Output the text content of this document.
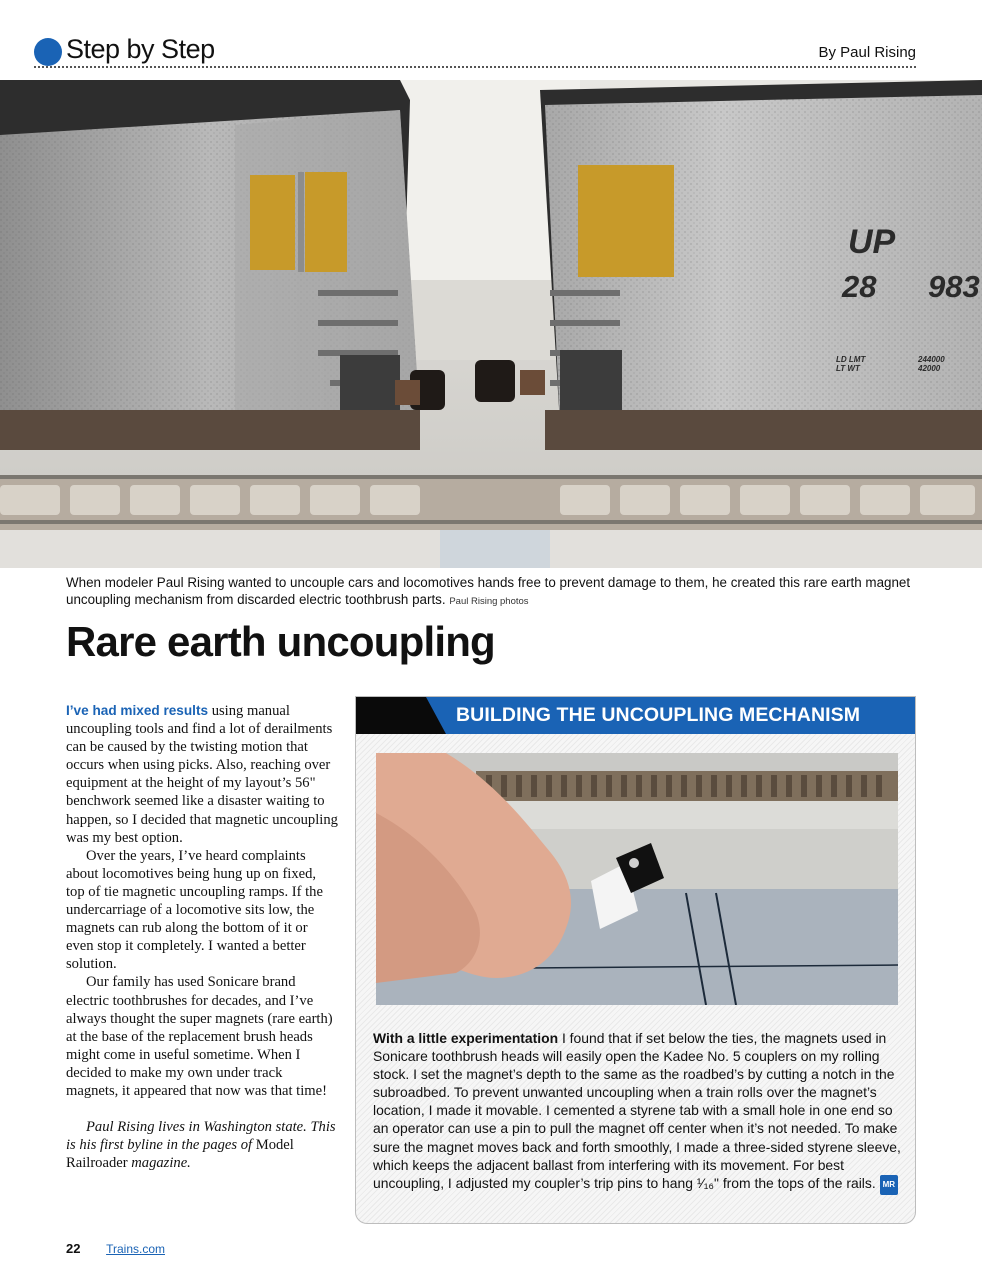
Step by Step	By Paul Rising
UP
28 983
LD LMT LT WT
244000 42000
When modeler Paul Rising wanted to uncouple cars and locomotives hands free to prevent damage to them, he created this rare earth magnet uncoupling mechanism from discarded electric toothbrush parts. Paul Rising photos
Rare earth uncoupling

I’ve had mixed results using manual uncoupling tools and find a lot of derailments can be caused by the twisting motion that occurs when using picks. Also, reaching over equipment at the height of my layout’s 56" benchwork seemed like a disaster waiting to happen, so I decided that magnetic uncoupling was my best option.

Over the years, I’ve heard complaints about locomotives being hung up on fixed, top of tie magnetic uncoupling ramps. If the undercarriage of a locomotive sits low, the magnets can rub along the bottom of it or even stop it completely. I wanted a better solution.

Our family has used Sonicare brand electric toothbrushes for decades, and I’ve always thought the super magnets (rare earth) at the base of the replacement brush heads might come in useful sometime. When I decided to make my own under track magnets, it appeared that now was that time!

Paul Rising lives in Washington state. This is his first byline in the pages of Model Railroader magazine.

BUILDING THE UNCOUPLING MECHANISM

With a little experimentation I found that if set below the ties, the magnets used in Sonicare toothbrush heads will easily open the Kadee No. 5 couplers on my rolling stock. I set the magnet’s depth to the same as the roadbed’s by cutting a notch in the subroadbed. To prevent unwanted uncoupling when a train rolls over the magnet’s location, I made it movable. I cemented a styrene tab with a small hole in one end so an operator can use a pin to pull the magnet off center when it’s not needed. To make sure the magnet moves back and forth smoothly, I made a three-sided styrene sleeve, which keeps the adjacent ballast from interfering with its movement. For best uncoupling, I adjusted my coupler’s trip pins to hang ¹⁄₁₆" from the tops of the rails. MR

22 Trains.com
